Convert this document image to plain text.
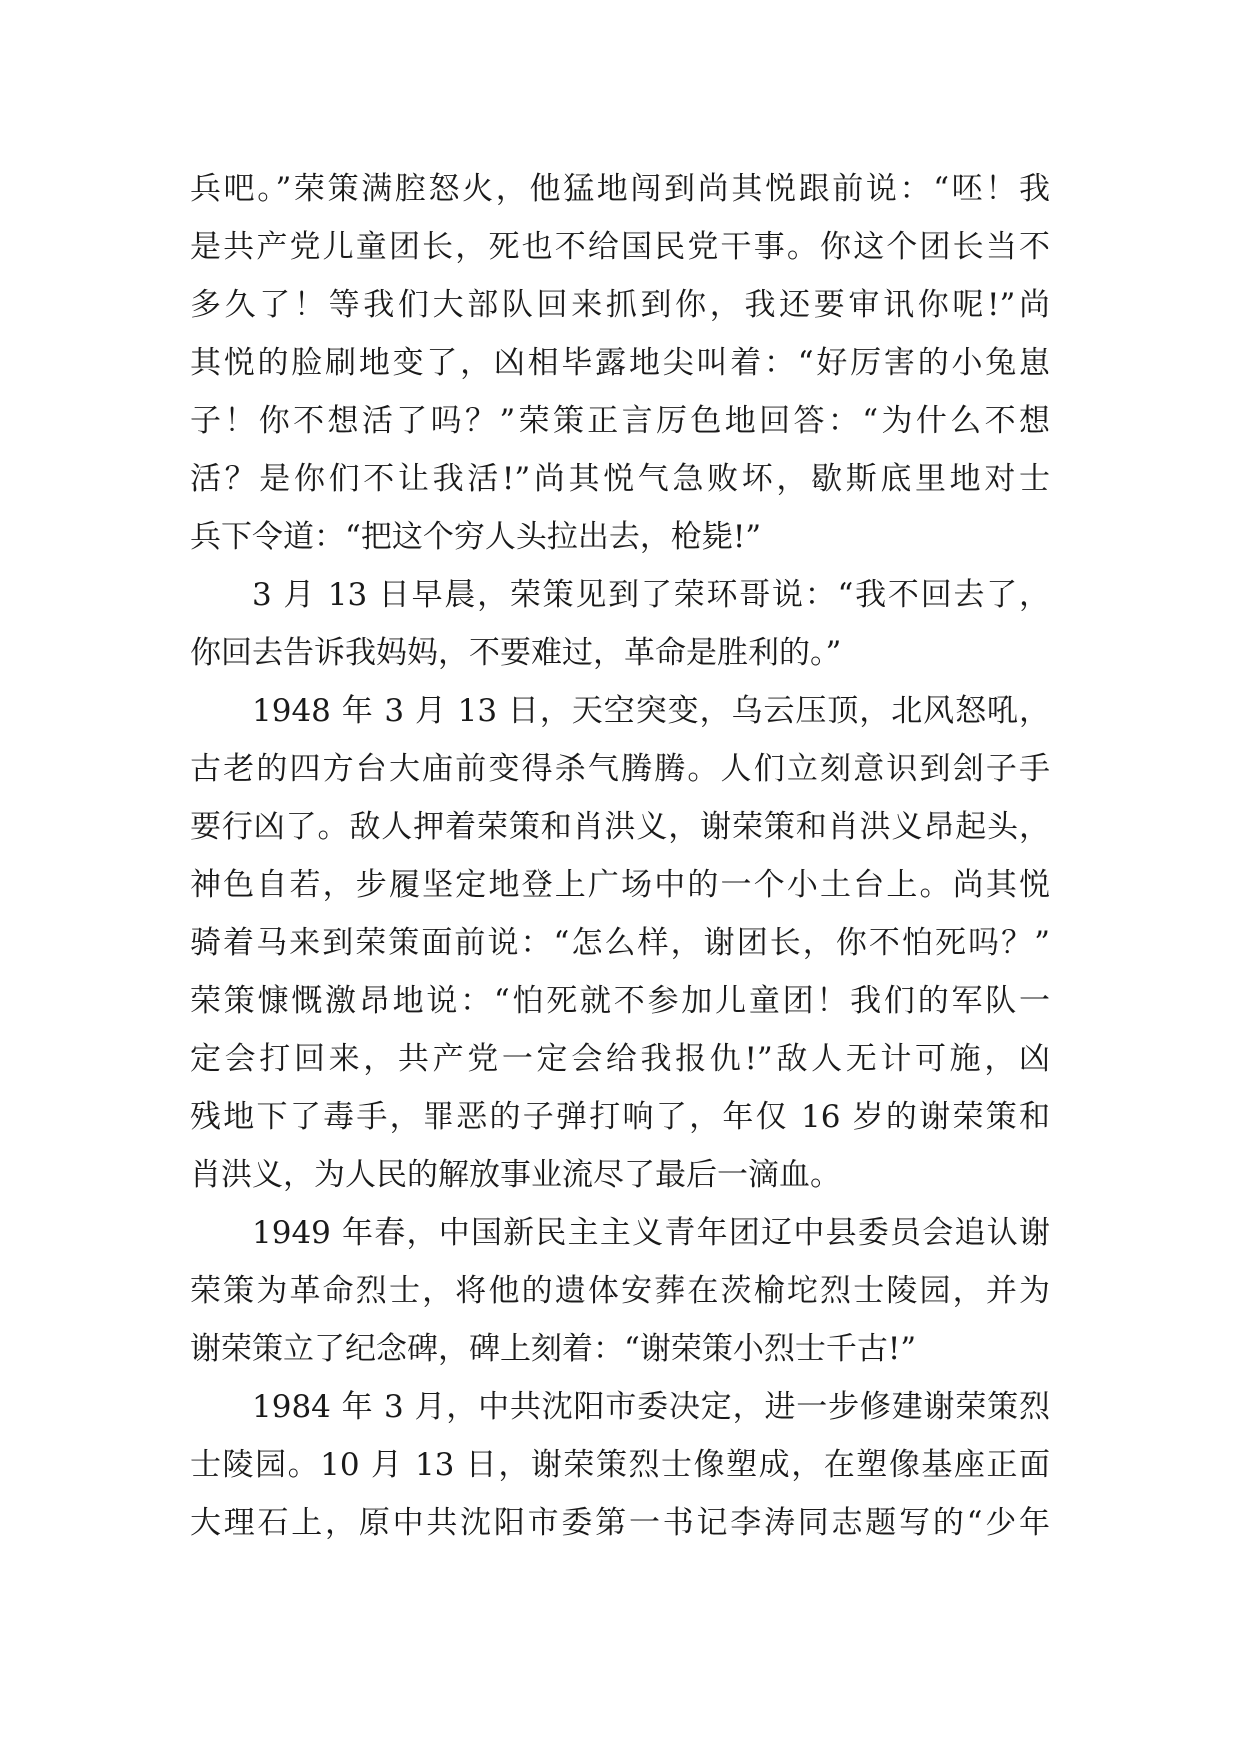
兵吧。”荣策满腔怒火，他猛地闯到尚其悦跟前说：“呸！我
是共产党儿童团长，死也不给国民党干事。你这个团长当不
多久了！等我们大部队回来抓到你，我还要审讯你呢!”尚
其悦的脸刷地变了，凶相毕露地尖叫着：“好厉害的小兔崽
子！你不想活了吗？”荣策正言厉色地回答：“为什么不想
活？是你们不让我活!”尚其悦气急败坏，歇斯底里地对士
兵下令道：“把这个穷人头拉出去，枪毙!”
3 月 13 日早晨，荣策见到了荣环哥说：“我不回去了，
你回去告诉我妈妈，不要难过，革命是胜利的。”
1948 年 3 月 13 日，天空突变，乌云压顶，北风怒吼，
古老的四方台大庙前变得杀气腾腾。人们立刻意识到刽子手
要行凶了。敌人押着荣策和肖洪义，谢荣策和肖洪义昂起头，
神色自若，步履坚定地登上广场中的一个小土台上。尚其悦
骑着马来到荣策面前说：“怎么样，谢团长，你不怕死吗？”
荣策慷慨激昂地说：“怕死就不参加儿童团！我们的军队一
定会打回来，共产党一定会给我报仇!”敌人无计可施，凶
残地下了毒手，罪恶的子弹打响了，年仅 16 岁的谢荣策和
肖洪义，为人民的解放事业流尽了最后一滴血。
1949 年春，中国新民主主义青年团辽中县委员会追认谢
荣策为革命烈士，将他的遗体安葬在茨榆坨烈士陵园，并为
谢荣策立了纪念碑，碑上刻着：“谢荣策小烈士千古!”
1984 年 3 月，中共沈阳市委决定，进一步修建谢荣策烈
士陵园。10 月 13 日，谢荣策烈士像塑成，在塑像基座正面
大理石上，原中共沈阳市委第一书记李涛同志题写的“少年
